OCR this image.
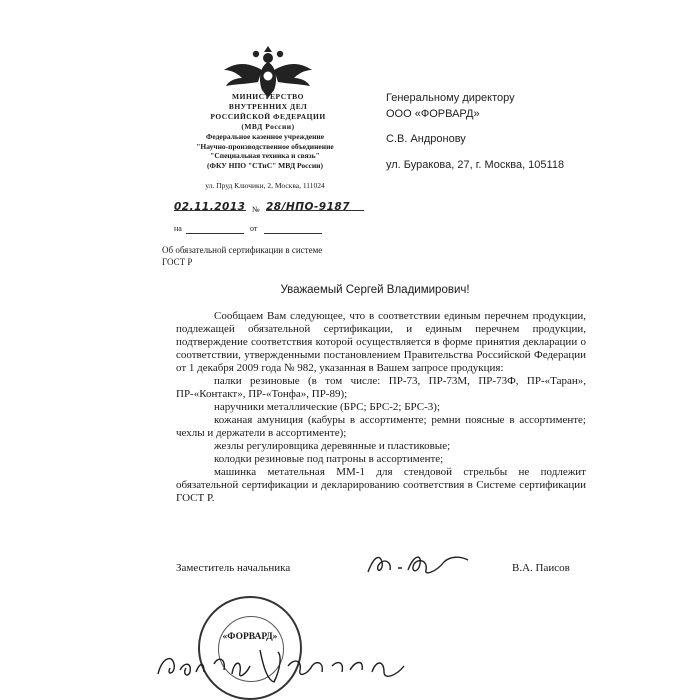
МИНИСТЕРСТВО
ВНУТРЕННИХ ДЕЛ
РОССИЙСКОЙ ФЕДЕРАЦИИ
(МВД России)
Федеральное казенное учреждение
"Научно-производственное объединение
"Специальная техника и связь"
(ФКУ НПО "СТиС" МВД России)
ул. Пруд Ключики, 2, Москва, 111024
02.11.2013 № 28/НПО-9187
на	от
Об обязательной сертификации в системе
ГОСТ Р
Генеральному директору
ООО «ФОРВАРД»
С.В. Андронову
ул. Буракова, 27, г. Москва, 105118
Уважаемый Сергей Владимирович!

Сообщаем Вам следующее, что в соответствии единым перечнем продукции, подлежащей обязательной сертификации, и единым перечнем продукции, подтверждение соответствия которой осуществляется в форме принятия декларации о соответствии, утвержденными постановлением Правительства Российской Федерации от 1 декабря 2009 года № 982, указанная в Вашем запросе продукция:

палки резиновые (в том числе: ПР-73, ПР-73М, ПР-73Ф, ПР-«Таран», ПР-«Контакт», ПР-«Тонфа», ПР-89);

наручники металлические (БРС; БРС-2; БРС-3);

кожаная амуниция (кабуры в ассортименте; ремни поясные в ассортименте; чехлы и держатели в ассортименте);

жезлы регулировщика деревянные и пластиковые;

колодки резиновые под патроны в ассортименте;

машинка метательная ММ-1 для стендовой стрельбы не подлежит обязательной сертификации и декларированию соответствия в Системе сертификации ГОСТ Р.

Заместитель начальника	В.А. Паисов
«ФОРВАРД»
